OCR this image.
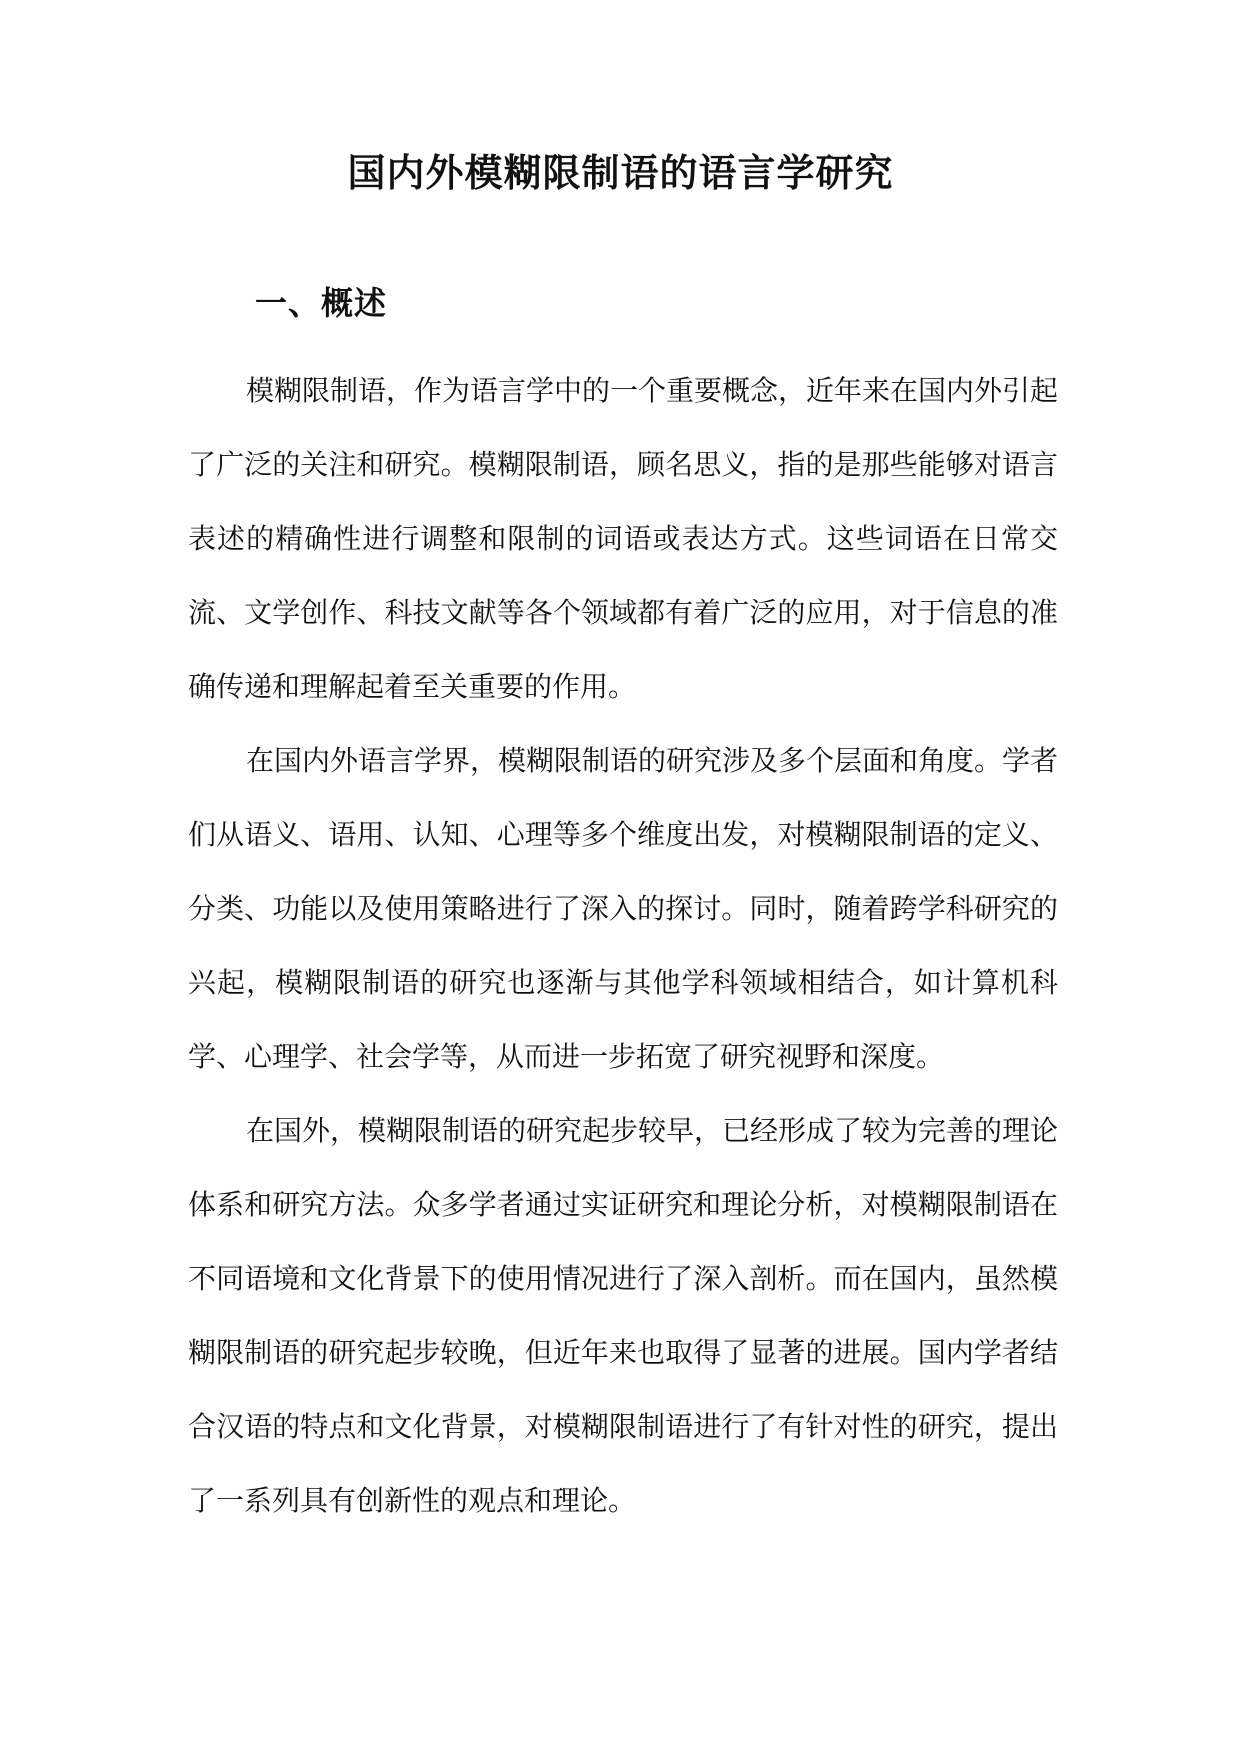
国内外模糊限制语的语言学研究
一、概述

模糊限制语，作为语言学中的一个重要概念，近年来在国内外引起了广泛的关注和研究。模糊限制语，顾名思义，指的是那些能够对语言表述的精确性进行调整和限制的词语或表达方式。这些词语在日常交流、文学创作、科技文献等各个领域都有着广泛的应用，对于信息的准确传递和理解起着至关重要的作用。

在国内外语言学界，模糊限制语的研究涉及多个层面和角度。学者们从语义、语用、认知、心理等多个维度出发，对模糊限制语的定义、分类、功能以及使用策略进行了深入的探讨。同时，随着跨学科研究的兴起，模糊限制语的研究也逐渐与其他学科领域相结合，如计算机科学、心理学、社会学等，从而进一步拓宽了研究视野和深度。

在国外，模糊限制语的研究起步较早，已经形成了较为完善的理论体系和研究方法。众多学者通过实证研究和理论分析，对模糊限制语在不同语境和文化背景下的使用情况进行了深入剖析。而在国内，虽然模糊限制语的研究起步较晚，但近年来也取得了显著的进展。国内学者结合汉语的特点和文化背景，对模糊限制语进行了有针对性的研究，提出了一系列具有创新性的观点和理论。
